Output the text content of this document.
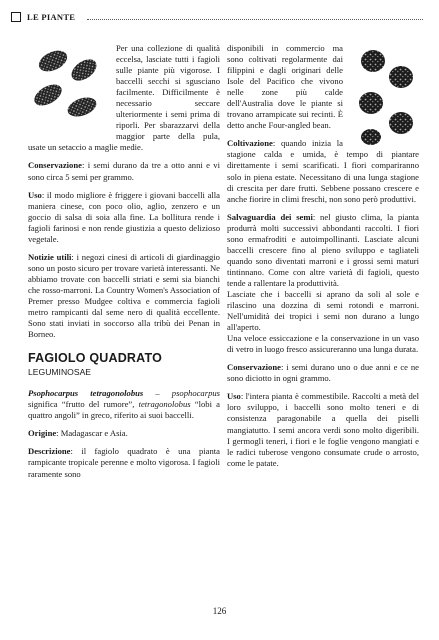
LE PIANTE

Per una collezione di qualità eccelsa, lasciate tutti i fagioli sulle piante più vigorose. I baccelli secchi si sgusciano facilmente. Difficilmente è necessario seccare ulteriormente i semi prima di riporli. Per sbarazzarvi della maggior parte della pula, usate un setaccio a maglie medie.

Conservazione: i semi durano da tre a otto anni e vi sono circa 5 semi per grammo.

Uso: il modo migliore è friggere i giovani baccelli alla maniera cinese, con poco olio, aglio, zenzero e un goccio di salsa di soia alla fine. La bollitura rende i fagioli farinosi e non rende giustizia a questo delizioso vegetale.

Notizie utili: i negozi cinesi di articoli di giardinaggio sono un posto sicuro per trovare varietà interessanti. Ne abbiamo trovate con baccelli striati e semi sia bianchi che rosso-marroni. La Country Women's Association of Premer presso Mudgee coltiva e commercia fagioli metro rampicanti dal seme nero di qualità eccellente. Sono stati inviati in soccorso alla tribù dei Penan in Borneo.

FAGIOLO QUADRATO
LEGUMINOSAE

Psophocarpus tetragonolobus – psophocarpus significa “frutto del rumore”, tetragonolobus “lobi a quattro angoli” in greco, riferito ai suoi baccelli.

Origine: Madagascar e Asia.

Descrizione: il fagiolo quadrato è una pianta rampicante tropicale perenne e molto vigorosa. I fagioli raramente sono

disponibili in commercio ma sono coltivati regolarmente dai filippini e dagli originari delle Isole del Pacifico che vivono nelle zone più calde dell'Australia dove le piante si trovano arrampicate sui recinti. È detto anche Four-angled bean.

Coltivazione: quando inizia la stagione calda e umida, è tempo di piantare direttamente i semi scarificati. I fiori compariranno solo in piena estate. Necessitano di una lunga stagione di crescita per dare frutti. Sebbene possano crescere e anche fiorire in climi freschi, non sono però produttivi.

Salvaguardia dei semi: nel giusto clima, la pianta produrrà molti successivi abbondanti raccolti. I fiori sono ermafroditi e autoimpollinanti. Lasciate alcuni baccelli crescere fino al pieno sviluppo e tagliateli quando sono diventati marroni e i grossi semi maturi tintinnano. Come con altre varietà di fagioli, questo tende a rallentare la produttività.
Lasciate che i baccelli si aprano da soli al sole e rilascino una dozzina di semi rotondi e marroni. Nell'umidità dei tropici i semi non durano a lungo all'aperto.
Una veloce essiccazione e la conservazione in un vaso di vetro in luogo fresco assicureranno una lunga durata.

Conservazione: i semi durano uno o due anni e ce ne sono diciotto in ogni grammo.

Uso: l'intera pianta è commestibile. Raccolti a metà del loro sviluppo, i baccelli sono molto teneri e di consistenza paragonabile a quella dei piselli mangiatutto. I semi ancora verdi sono molto digeribili. I germogli teneri, i fiori e le foglie vengono mangiati e le radici tuberose vengono consumate crude o arrosto, come le patate.

126
